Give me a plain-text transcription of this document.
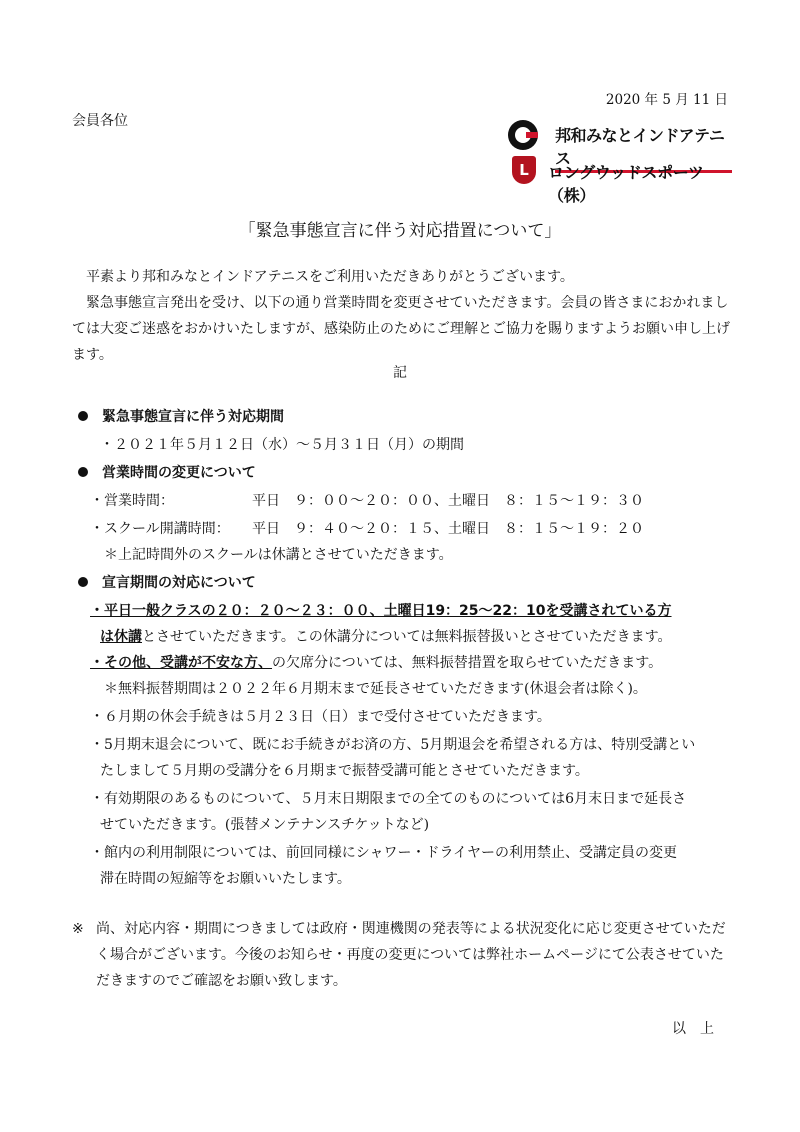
2020 年 5 月 11 日
会員各位
邦和みなとインドアテニス
L	ロングウッドスポーツ（株）
「緊急事態宣言に伴う対応措置について」
平素より邦和みなとインドアテニスをご利用いただきありがとうございます。
緊急事態宣言発出を受け、以下の通り営業時間を変更させていただきます。会員の皆さまにおかれましては大変ご迷惑をおかけいたしますが、感染防止のためにご理解とご協力を賜りますようお願い申し上げます。
記
緊急事態宣言に伴う対応期間
・２０２１年５月１２日（水）～５月３１日（月）の期間
営業時間の変更について
・営業時間：	平日　９：００～２０：００、土曜日　８：１５～１９：３０
・スクール開講時間： 平日　９：４０～２０：１５、土曜日　８：１５～１９：２０
＊上記時間外のスクールは休講とさせていただきます。
宣言期間の対応について
・平日一般クラスの２０：２０～２３：００、土曜日19：25～22：10を受講されている方
は休講とさせていただきます。この休講分については無料振替扱いとさせていただきます。
・その他、受講が不安な方、の欠席分については、無料振替措置を取らせていただきます。
＊無料振替期間は２０２２年６月期末まで延長させていただきます(休退会者は除く)。
・６月期の休会手続きは５月２３日（日）まで受付させていただきます。
・5月期末退会について、既にお手続きがお済の方、5月期退会を希望される方は、特別受講とい
たしまして５月期の受講分を６月期まで振替受講可能とさせていただきます。
・有効期限のあるものについて、５月末日期限までの全てのものについては6月末日まで延長さ
せていただきます。(張替メンテナンスチケットなど)
・館内の利用制限については、前回同様にシャワー・ドライヤーの利用禁止、受講定員の変更
滞在時間の短縮等をお願いいたします。
※ 尚、対応内容・期間につきましては政府・関連機関の発表等による状況変化に応じ変更させていただく場合がございます。今後のお知らせ・再度の変更については弊社ホームページにて公表させていただきますのでご確認をお願い致します。
以上
